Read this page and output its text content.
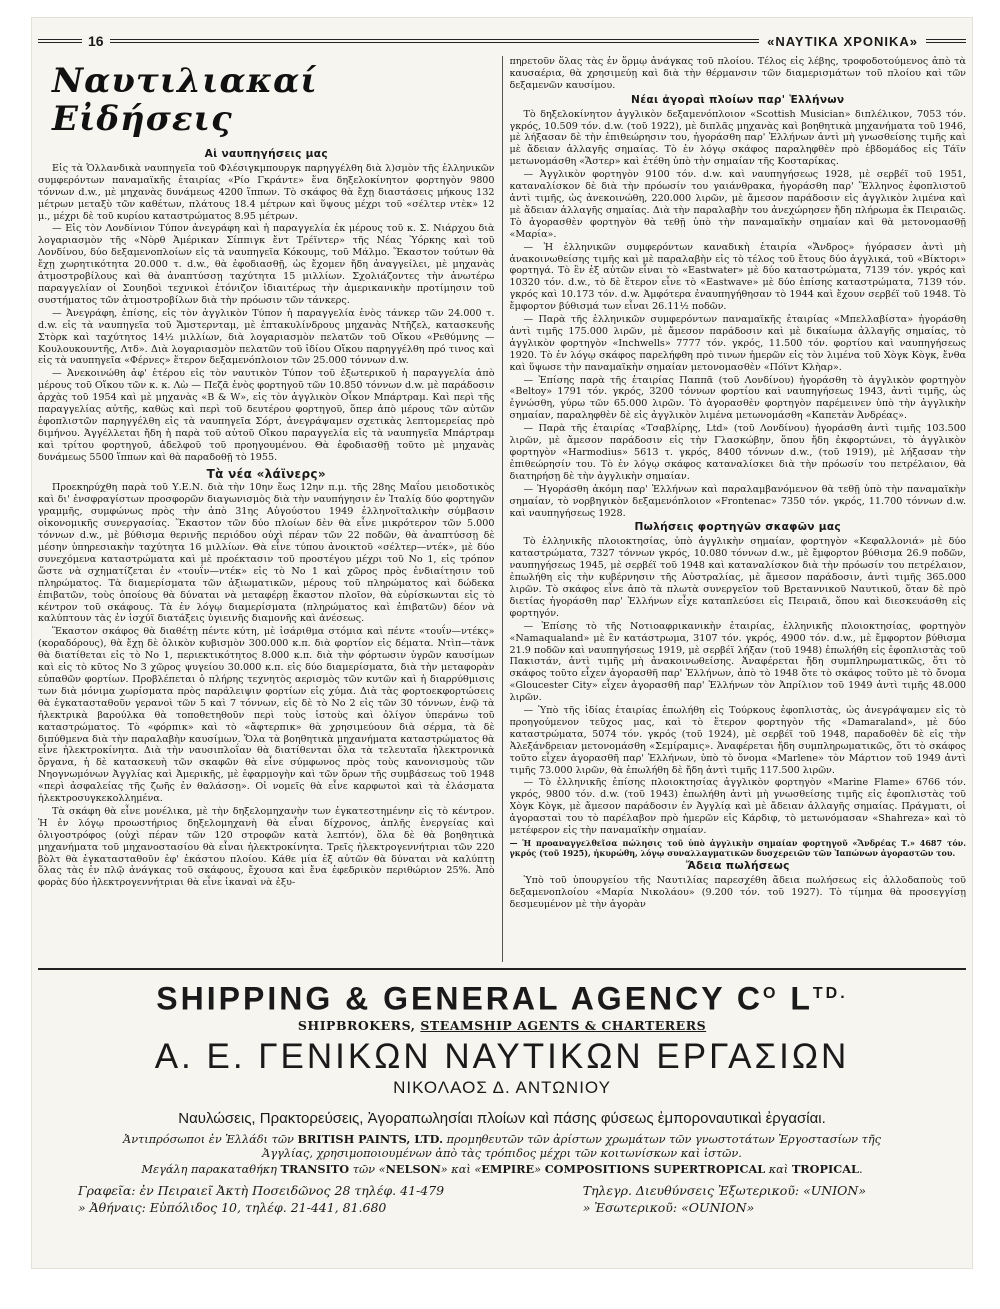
16	«ΝΑΥΤΙΚΑ ΧΡΟΝΙΚΑ»
Ναυτιλιακαί Εἰδήσεις
Αἱ ναυπηγήσεις μας

Εἰς τὰ Ὁλλανδικὰ ναυπηγεῖα τοῦ Φλέσιγκμπουργκ παρηγγέλθη διὰ λ)σμὸν τῆς ἑλληνικῶν συμφερόντων παναμαϊκῆς ἑταιρίας «Ρίο Γκράντε» ἕνα δηξελοκίνητον φορτηγὸν 9800 τόννων d.w., μὲ μηχανὰς δυνάμεως 4200 ἵππων. Τὸ σκάφος θὰ ἔχῃ διαστάσεις μήκους 132 μέτρων μεταξὺ τῶν καθέτων, πλάτους 18.4 μέτρων καὶ ὕψους μέχρι τοῦ «σέλτερ ντὲκ» 12 μ., μέχρι δὲ τοῦ κυρίου καταστρώματος 8.95 μέτρων.

— Εἰς τὸν Λονδίνιον Τύπον ἀνεγράφη καὶ ἡ παραγγελία ἐκ μέρους τοῦ κ. Σ. Νιάρχου διὰ λογαριασμὸν τῆς «Νὸρθ Ἀμέρικαν Σίππιγκ ἔντ Τρέϊντερ» τῆς Νέας Ὑόρκης καὶ τοῦ Λονδίνου, δύο δεξαμενοπλοίων εἰς τὰ ναυπηγεῖα Κόκουμς, τοῦ Μάλμο. Ἕκαστον τούτων θὰ ἔχῃ χωρητικότητα 20.000 τ. d.w., θὰ ἐφοδιασθῇ, ὡς ἔχομεν ἤδη ἀναγγείλει, μὲ μηχανὰς ἀτμοστροβίλους καὶ θὰ ἀναπτύσσῃ ταχύτητα 15 μιλλίων. Σχολιάζοντες τὴν ἀνωτέρω παραγγελίαν οἱ Σουηδοὶ τεχνικοὶ ἐτόνιζον ἰδιαιτέρως τὴν ἀμερικανικὴν προτίμησιν τοῦ συστήματος τῶν ἀτμοστροβίλων διὰ τὴν πρόωσιν τῶν τάνκερς.

— Ἀνεγράφη, ἐπίσης, εἰς τὸν ἀγγλικὸν Τύπον ἡ παραγγελία ἑνὸς τάνκερ τῶν 24.000 τ. d.w. εἰς τὰ ναυπηγεῖα τοῦ Ἄμστερνταμ, μὲ ἑπτακυλίνδρους μηχανὰς Ντῆζελ, κατασκευῆς Στὸρκ καὶ ταχύτητος 14½ μιλλίων, διὰ λογαριασμὸν πελατῶν τοῦ Οἴκου «Ρεθύμνης — Κουλουκουντῆς, Λτδ». Διὰ λογαριασμὸν πελατῶν τοῦ ἰδίου Οἴκου παρηγγέλθη πρό τινος καὶ εἰς τὰ ναυπηγεῖα «Φέρνες» ἕτερον δεξαμενόπλοιον τῶν 25.000 τόννων d.w.

— Ἀνεκοινώθη ἀφ' ἑτέρου εἰς τὸν ναυτικὸν Τύπον τοῦ ἐξωτερικοῦ ἡ παραγγελία ἀπὸ μέρους τοῦ Οἴκου τῶν κ. κ. Λὼ — Πεζᾶ ἑνὸς φορτηγοῦ τῶν 10.850 τόννων d.w. μὲ παράδοσιν ἀρχὰς τοῦ 1954 καὶ μὲ μηχανὰς «B & W», εἰς τὸν ἀγγλικὸν Οἶκον Μπάρτραμ. Καὶ περὶ τῆς παραγγελίας αὐτῆς, καθὼς καὶ περὶ τοῦ δευτέρου φορτηγοῦ, ὅπερ ἀπὸ μέρους τῶν αὐτῶν ἐφοπλιστῶν παρηγγέλθη εἰς τὰ ναυπηγεῖα Σόρτ, ἀνεγράψαμεν σχετικὰς λεπτομερείας πρὸ διμήνου. Ἀγγέλλεται ἤδη ἡ παρὰ τοῦ αὐτοῦ Οἴκου παραγγελία εἰς τὰ ναυπηγεῖα Μπάρτραμ καὶ τρίτου φορτηγοῦ, ἀδελφοῦ τοῦ προηγουμένου. Θὰ ἐφοδιασθῇ τοῦτο μὲ μηχανὰς δυνάμεως 5500 ἵππων καὶ θὰ παραδοθῇ τὸ 1955.

Τὰ νέα «λάϊνερς»

Προεκηρύχθη παρὰ τοῦ Υ.Ε.Ν. διὰ τὴν 10ην ἕως 12ην π.μ. τῆς 28ης Μαΐου μειοδοτικὸς καὶ δι' ἐνσφραγίστων προσφορῶν διαγωνισμὸς διὰ τὴν ναυπήγησιν ἐν Ἰταλίᾳ δύο φορτηγῶν γραμμῆς, συμφώνως πρὸς τὴν ἀπὸ 31ης Αὐγούστου 1949 ἑλληνοϊταλικὴν σύμβασιν οἰκονομικῆς συνεργασίας. Ἕκαστον τῶν δύο πλοίων δὲν θὰ εἶνε μικρότερον τῶν 5.000 τόννων d.w., μὲ βύθισμα θερινῆς περιόδου οὐχὶ πέραν τῶν 22 ποδῶν, θὰ ἀναπτύσσῃ δὲ μέσην ὑπηρεσιακὴν ταχύτητα 16 μιλλίων. Θὰ εἶνε τύπου ἀνοικτοῦ «σέλτερ—ντέκ», μὲ δύο συνεχόμενα καταστρώματα καὶ μὲ προέκτασιν τοῦ προστέγου μέχρι τοῦ Νο 1, εἰς τρόπον ὥστε νὰ σχηματίζεται ἐν «τουΐν—ντέκ» εἰς τὸ Νο 1 καὶ χῶρος πρὸς ἐνδιαίτησιν τοῦ πληρώματος. Τὰ διαμερίσματα τῶν ἀξιωματικῶν, μέρους τοῦ πληρώματος καὶ δώδεκα ἐπιβατῶν, τοὺς ὁποίους θὰ δύναται νὰ μεταφέρῃ ἕκαστον πλοῖον, θὰ εὑρίσκωνται εἰς τὸ κέντρον τοῦ σκάφους. Τὰ ἐν λόγῳ διαμερίσματα (πληρώματος καὶ ἐπιβατῶν) δέον νὰ καλύπτουν τὰς ἐν ἰσχύϊ διατάξεις ὑγιεινῆς διαμονῆς καὶ ἀνέσεως.

Ἕκαστον σκάφος θὰ διαθέτῃ πέντε κύτη, μὲ ἰσάριθμα στόμια καὶ πέντε «τουΐν—ντέκς» (κοραδόρους), θὰ ἔχῃ δὲ ὁλικὸν κυβισμὸν 300.000 κ.π. διὰ φορτίον εἰς δέματα. Ντὶπ—τὰνκ θὰ διατίθεται εἰς τὸ Νο 1, περιεκτικότητος 8.000 κ.π. διὰ τὴν φόρτωσιν ὑγρῶν καυσίμων καὶ εἰς τὸ κῦτος Νο 3 χῶρος ψυγείου 30.000 κ.π. εἰς δύο διαμερίσματα, διὰ τὴν μεταφορὰν εὐπαθῶν φορτίων. Προβλέπεται ὁ πλήρης τεχνητὸς αερισμὸς τῶν κυτῶν καὶ ἡ διαρρύθμισις των διὰ μόνιμα χωρίσματα πρὸς παράλειψιν φορτίων εἰς χύμα. Διὰ τὰς φορτοεκφορτώσεις θὰ ἐγκατασταθοῦν γερανοὶ τῶν 5 καὶ 7 τόννων, εἰς δὲ τὸ Νο 2 εἰς τῶν 30 τόννων, ἐνῷ τὰ ἠλεκτρικὰ βαρούλκα θὰ τοποθετηθοῦν περὶ τοὺς ἱστοὺς καὶ ὀλίγον ὑπεράνω τοῦ καταστρώματος. Τὸ «φόρπικ» καὶ τὸ «ἄφτερπικ» θὰ χρησιμεύουν διὰ σέρμα, τὰ δὲ διπύθμενα διὰ τὴν παραλαβὴν καυσίμων. Ὅλα τὰ βοηθητικὰ μηχανήματα καταστρώματος θὰ εἶνε ἠλεκτροκίνητα. Διὰ τὴν ναυσιπλοΐαν θὰ διατίθενται ὅλα τὰ τελευταῖα ἠλεκτρονικὰ ὄργανα, ἡ δὲ κατασκευὴ τῶν σκαφῶν θὰ εἶνε σύμφωνος πρὸς τοὺς κανονισμοὺς τῶν Νηογνωμόνων Ἀγγλίας καὶ Ἀμερικῆς, μὲ ἐφαρμογὴν καὶ τῶν ὅρων τῆς συμβάσεως τοῦ 1948 «περὶ ἀσφαλείας τῆς ζωῆς ἐν θαλάσσῃ». Οἱ νομεῖς θὰ εἶνε καρφωτοὶ καὶ τὰ ἐλάσματα ἠλεκτροσυγκεκολλημένα.

Τὰ σκάφη θὰ εἶνε μονέλικα, μὲ τὴν δηξελομηχανὴν των ἐγκατεστημένην εἰς τὸ κέντρον. Ἡ ἐν λόγῳ προωστήριος δηξελομηχανὴ θὰ εἶναι δίχρονος, ἁπλῆς ἐνεργείας καὶ ὀλιγοστρόφος (οὐχὶ πέραν τῶν 120 στροφῶν κατὰ λεπτόν), ὅλα δὲ θὰ βοηθητικὰ μηχανήματα τοῦ μηχανοστασίου θὰ εἶναι ἠλεκτροκίνητα. Τρεῖς ἠλεκτρογεννήτριαι τῶν 220 βὸλτ θὰ ἐγκατασταθοῦν ἐφ' ἑκάστου πλοίου. Κάθε μία ἐξ αὐτῶν θὰ δύναται νὰ καλύπτῃ ὅλας τὰς ἐν πλῷ ἀνάγκας τοῦ σκάφους, ἔχουσα καὶ ἔνα ἐφεδρικὸν περιθώριον 25%. Ἀπὸ φορὰς δύο ἠλεκτρογεννήτριαι θὰ εἶνε ἱκαναὶ νὰ ἐξυ-

πηρετοῦν ὅλας τὰς ἐν ὅρμῳ ἀνάγκας τοῦ πλοίου. Τέλος εἰς λέβης, τροφοδοτούμενος ἀπὸ τὰ καυσαέρια, θὰ χρησιμεύῃ καὶ διὰ τὴν θέρμανσιν τῶν διαμερισμάτων τοῦ πλοίου καὶ τῶν δεξαμενῶν καυσίμου.

Νέαι ἀγοραὶ πλοίων παρ' Ἑλλήνων

Τὸ δηξελοκίνητον ἀγγλικὸν δεξαμενόπλοιον «Scottish Musician» διπλέλικον, 7053 τόν. γκρός, 10.509 τόν. d.w. (τοῦ 1922), μὲ διπλᾶς μηχανὰς καὶ βοηθητικὰ μηχανήματα τοῦ 1946, μὲ λήξασαν δὲ τὴν ἐπιθεώρησιν του, ἠγοράσθη παρ' Ἑλλήνων ἀντὶ μὴ γνωσθείσης τιμῆς καὶ μὲ ἄδειαν ἀλλαγῆς σημαίας. Τὸ ἐν λόγῳ σκάφος παραληφθὲν πρὸ ἑβδομάδος εἰς Τάϊν μετωνομάσθη «Ἄστερ» καὶ ἐτέθη ὑπὸ τὴν σημαίαν τῆς Κοσταρίκας.

— Ἀγγλικὸν φορτηγὸν 9100 τόν. d.w. καὶ ναυπηγήσεως 1928, μὲ σερβέϊ τοῦ 1951, καταναλίσκον δὲ διὰ τὴν πρόωσίν του γαιάνθρακα, ἠγοράσθη παρ' Ἕλληνος ἐφοπλιστοῦ ἀντὶ τιμῆς, ὡς ἀνεκοινώθη, 220.000 λιρῶν, μὲ ἄμεσον παράδοσιν εἰς ἀγγλικὸν λιμένα καὶ μὲ ἄδειαν ἀλλαγῆς σημαίας. Διὰ τὴν παραλαβὴν του ἀνεχώρησεν ἤδη πλήρωμα ἐκ Πειραιῶς. Τὸ ἀγορασθὲν φορτηγὸν θὰ τεθῇ ὑπὸ τὴν παναμαϊκὴν σημαίαν καὶ θὰ μετονομασθῇ «Μαρία».

— Ἡ ἑλληνικῶν συμφερόντων καναδικὴ ἑταιρία «Ἄνδρος» ἠγόρασεν ἀντὶ μὴ ἀνακοινωθείσης τιμῆς καὶ μὲ παραλαβὴν εἰς τὸ τέλος τοῦ ἔτους δύο ἀγγλικά, τοῦ «Βίκτορι» φορτηγά. Τὸ ἓν ἐξ αὐτῶν εἶναι τὸ «Eastwater» μὲ δύο καταστρώματα, 7139 τόν. γκρός καὶ 10320 τόν. d.w., τὸ δὲ ἕτερον εἶνε τὸ «Eastwave» μὲ δύο ἐπίσης καταστρώματα, 7139 τόν. γκρός καὶ 10.173 τόν. d.w. Ἀμφότερα ἐναυπηγήθησαν τὸ 1944 καὶ ἔχουν σερβέϊ τοῦ 1948. Τὸ ἔμφορτον βύθισμά των εἶναι 26.11½ ποδῶν.

— Παρὰ τῆς ἑλληνικῶν συμφερόντων παναμαϊκῆς ἑταιρίας «Μπελλαβίστα» ἠγοράσθη ἀντὶ τιμῆς 175.000 λιρῶν, μὲ ἄμεσον παράδοσιν καὶ μὲ δικαίωμα ἀλλαγῆς σημαίας, τὸ ἀγγλικὸν φορτηγὸν «Inchwells» 7777 τόν. γκρός, 11.500 τόν. φορτίου καὶ ναυπηγήσεως 1920. Τὸ ἐν λόγῳ σκάφος παρελήφθη πρὸ τινων ἡμερῶν εἰς τὸν λιμένα τοῦ Χὸγκ Κὸγκ, ἔνθα καὶ ὕψωσε τὴν παναμαϊκὴν σημαίαν μετονομασθὲν «Πόϊντ Κλὴαρ».

— Ἐπίσης παρὰ τῆς ἑταιρίας Παππᾶ (τοῦ Λονδίνου) ἠγοράσθη τὸ ἀγγλικὸν φορτηγὸν «Beltoy» 1791 τόν. γκρός, 3200 τόννων φορτίου καὶ ναυπηγήσεως 1943, ἀντὶ τιμῆς, ὡς ἐγνώσθη, γύρω τῶν 65.000 λιρῶν. Τὸ ἀγορασθὲν φορτηγὸν παρέμεινεν ὑπὸ τὴν ἀγγλικὴν σημαίαν, παραληφθὲν δὲ εἰς ἀγγλικὸν λιμένα μετωνομάσθη «Καπετὰν Ἀνδρέας».

— Παρὰ τῆς ἑταιρίας «Τσαβλίρης, Ltd» (τοῦ Λονδίνου) ἠγοράσθη ἀντὶ τιμῆς 103.500 λιρῶν, μὲ ἄμεσον παράδοσιν εἰς τὴν Γλασκώβην, ὅπου ἤδη ἐκφορτώνει, τὸ ἀγγλικὸν φορτηγὸν «Harmodius» 5613 τ. γκρός, 8400 τόννων d.w., (τοῦ 1919), μὲ λήξασαν τὴν ἐπιθεώρησίν του. Τὸ ἐν λόγῳ σκάφος καταναλίσκει διὰ τὴν πρόωσίν του πετρέλαιον, θὰ διατηρήσῃ δὲ τὴν ἀγγλικὴν σημαίαν.

— Ἠγοράσθη ἀκόμη παρ' Ἑλλήνων καὶ παραλαμβανόμενον θὰ τεθῇ ὑπὸ τὴν παναμαϊκὴν σημαίαν, τὸ νορβηγικὸν δεξαμενόπλοιον «Frontenac» 7350 τόν. γκρός, 11.700 τόννων d.w. καὶ ναυπηγήσεως 1928.

Πωλήσεις φορτηγῶν σκαφῶν μας

Τὸ ἑλληνικῆς πλοιοκτησίας, ὑπὸ ἀγγλικὴν σημαίαν, φορτηγὸν «Κεφαλλονιά» μὲ δύο καταστρώματα, 7327 τόννων γκρός, 10.080 τόννων d.w., μὲ ἔμφορτον βύθισμα 26.9 ποδῶν, ναυπηγήσεως 1945, μὲ σερβέϊ τοῦ 1948 καὶ καταναλίσκον διὰ τὴν πρόωσίν του πετρέλαιον, ἐπωλήθη εἰς τὴν κυβέρνησιν τῆς Αὐστραλίας, μὲ ἄμεσον παράδοσιν, ἀντὶ τιμῆς 365.000 λιρῶν. Τὸ σκάφος εἶνε ἀπὸ τὰ πλωτὰ συνεργεῖον τοῦ Βρεταννικοῦ Ναυτικοῦ, ὅταν δὲ πρὸ διετίας ἠγοράσθη παρ' Ἑλλήνων εἶχε καταπλεύσει εἰς Πειραιᾶ, ὅπου καὶ διεσκευάσθη εἰς φορτηγόν.

— Ἐπίσης τὸ τῆς Νοτιοαφρικανικὴν ἑταιρίας, ἑλληνικῆς πλοιοκτησίας, φορτηγὸν «Namaqualand» μὲ ἓν κατάστρωμα, 3107 τόν. γκρός, 4900 τόν. d.w., μὲ ἔμφορτον βύθισμα 21.9 ποδῶν καὶ ναυπηγήσεως 1919, μὲ σερβέϊ λήξαν (τοῦ 1948) ἐπωλήθη εἰς ἐφοπλιστὰς τοῦ Πακιστάν, ἀντὶ τιμῆς μὴ ἀνακοινωθείσης. Ἀναφέρεται ἤδη συμπληρωματικῶς, ὅτι τὸ σκάφος τοῦτο εἶχεν ἀγορασθῆ παρ' Ἑλλήνων, ἀπὸ τὸ 1948 ὅτε τὸ σκάφος τοῦτο μὲ τὸ ὄνομα «Gloucester City» εἶχεν ἀγορασθῆ παρ' Ἑλλήνων τὸν Ἀπρίλιον τοῦ 1949 ἀντὶ τιμῆς 48.000 λιρῶν.

— Ὑπὸ τῆς ἰδίας ἑταιρίας ἐπωλήθη εἰς Τούρκους ἐφοπλιστὰς, ὡς ἀνεγράψαμεν εἰς τὸ προηγούμενον τεῦχος μας, καὶ τὸ ἕτερον φορτηγὸν τῆς «Damaraland», μὲ δύο καταστρώματα, 5074 τόν. γκρός (τοῦ 1924), μὲ σερβέϊ τοῦ 1948, παραδοθὲν δὲ εἰς τὴν Ἀλεξάνδρειαν μετονομάσθη «Σεμίραμις». Ἀναφέρεται ἤδη συμπληρωματικῶς, ὅτι τὸ σκάφος τοῦτο εἶχεν ἀγορασθῆ παρ' Ἑλλήνων, ὑπὸ τὸ ὄνομα «Marlene» τὸν Μάρτιον τοῦ 1949 ἀντὶ τιμῆς 73.000 λιρῶν, θὰ ἐπωλήθη δὲ ἤδη ἀντὶ τιμῆς 117.500 λιρῶν.

— Τὸ ἑλληνικῆς ἐπίσης πλοιοκτησίας ἀγγλικὸν φορτηγὸν «Marine Flame» 6766 τόν. γκρός, 9800 τόν. d.w. (τοῦ 1943) ἐπωλήθη ἀντὶ μὴ γνωσθείσης τιμῆς εἰς ἐφοπλιστὰς τοῦ Χὸγκ Κὸγκ, μὲ ἄμεσον παράδοσιν ἐν Ἀγγλίᾳ καὶ μὲ ἄδειαν ἀλλαγῆς σημαίας. Πράγματι, οἱ ἀγορασταὶ του τὸ παρέλαβον πρὸ ἡμερῶν εἰς Κάρδιφ, τὸ μετωνόμασαν «Shahreza» καὶ τὸ μετέφερον εἰς τὴν παναμαϊκὴν σημαίαν.

— Ἡ προαναγγελθεῖσα πώλησις τοῦ ὑπὸ ἀγγλικὴν σημαίαν φορτηγοῦ «Ἄνδρέας Τ.» 4687 τόν. γκρός (τοῦ 1925), ἠκυρώθη, λόγῳ συναλλαγματικῶν δυσχερειῶν τῶν Ἰαπώνων ἀγοραστῶν του.
Ἄδεια πωλήσεως

Ὑπὸ τοῦ ὑπουργείου τῆς Ναυτιλίας παρεσχέθη ἄδεια πωλήσεως εἰς ἀλλοδαποὺς τοῦ δεξαμενοπλοίου «Μαρία Νικολάου» (9.200 τόν. τοῦ 1927). Τὸ τίμημα θὰ προσεγγίσῃ δεσμευμένον μὲ τὴν ἀγορὰν

SHIPPING & GENERAL AGENCY $C^O$ $L^{TD.}$
SHIPBROKERS, STEAMSHIP AGENTS & CHARTERERS
Α. Ε. ΓΕΝΙΚΩΝ ΝΑΥΤΙΚΩΝ ΕΡΓΑΣΙΩΝ
ΝΙΚΟΛΑΟΣ Δ. ΑΝΤΩΝΙΟΥ
Ναυλώσεις, Πρακτορεύσεις, Ἀγοραπωλησίαι πλοίων καὶ πάσης φύσεως ἐμποροναυτικαὶ ἐργασίαι.
Ἀντιπρόσωποι ἐν Ἑλλάδι τῶν BRITISH PAINTS, LTD. προμηθευτῶν τῶν ἀρίστων χρωμάτων τῶν γνωστοτάτων Ἐργοστασίων τῆς Ἀγγλίας, χρησιμοποιουμένων ἀπὸ τὰς τρόπιδος μέχρι τῶν κοιτωνίσκων καὶ ἱστῶν.
Μεγάλη παρακαταθήκη TRANSITO τῶν «NELSON» καὶ «EMPIRE» COMPOSITIONS SUPERTROPICAL καὶ TROPICAL.
Γραφεῖα: ἐν Πειραιεῖ Ἀκτὴ Ποσειδῶνος 28 τηλέφ. 41-479
» Ἀθήναις: Εὐπόλιδος 10, τηλέφ. 21-441, 81.680
Τηλεγρ. Διευθύνσεις Ἐξωτερικοῦ: «UNION»
» Ἐσωτερικοῦ: «ΟUNION»
